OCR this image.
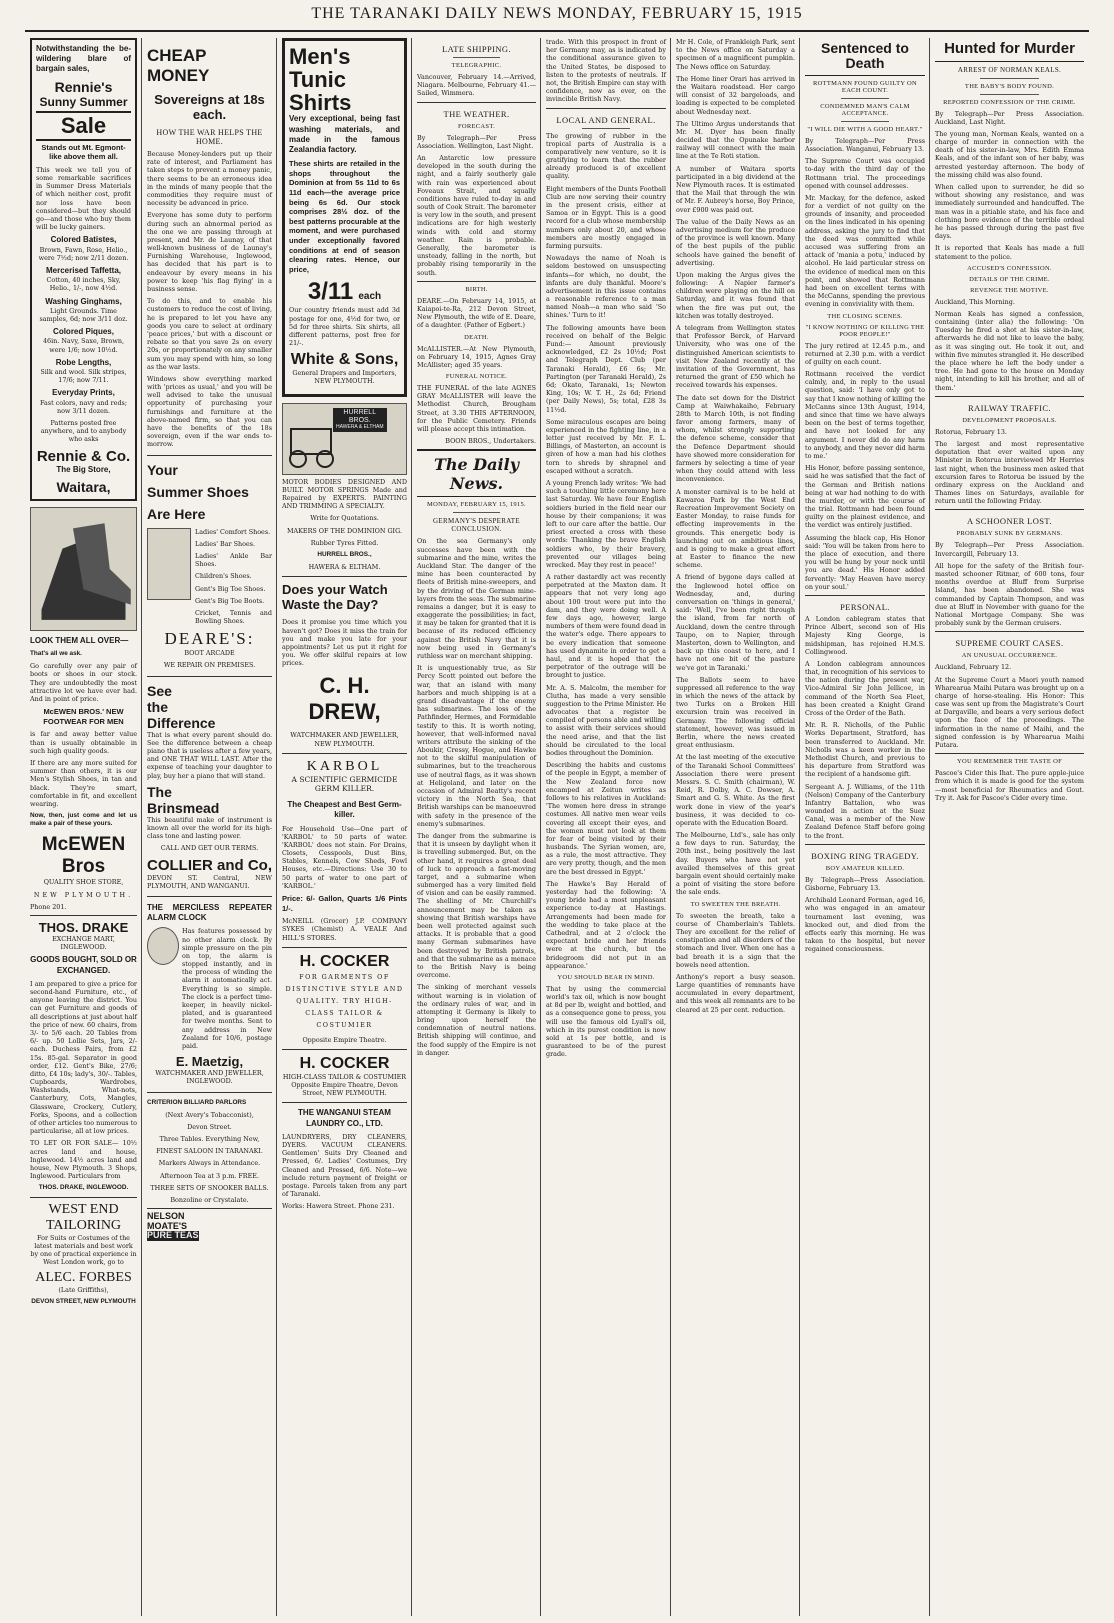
THE TARANAKI DAILY NEWS MONDAY, FEBRUARY 15, 1915
Notwithstanding the be-wildering blare of bargain sales,
Rennie's
Sunny Summer
Sale
Stands out Mt. Egmont-like above them all.
This week we tell you of some remarkable sacrifices in Summer Dress Materials of which neither cost, profit nor loss have been considered—but they should go—and those who buy them will be lucky gainers.
Colored Batistes,
Brown, Fawn, Rose, Helio., were 7½d; now 2/11 dozen.
Mercerised Taffetta,
Cotton, 40 inches, Sky, Helio., 1/-, now 4½d.
Washing Ginghams,
Light Grounds. Time samples, 6d; now 3/11 doz.
Colored Piques,
46in. Navy, Saxe, Brown, were 1/6; now 10½d.
Robe Lengths,
Silk and wool. Silk stripes, 17/6; now 7/11.
Everyday Prints,
Fast colors, navy and reds; now 3/11 dozen.
Patterns posted free anywhere, and to anybody who asks
Rennie & Co.
The Big Store,
Waitara,
LOOK THEM ALL OVER—
That's all we ask.
Go carefully over any pair of boots or shoes in our stock. They are undoubtedly the most attractive lot we have ever had. And in point of price.
McEWEN BROS.' NEW FOOTWEAR FOR MEN
is far and away better value than is usually obtainable in such high quality goods.
If there are any more suited for summer than others, it is our Men's Stylish Shoes, in tan and black. They're smart, comfortable in fit, and excellent wearing.
Now, then, just come and let us make a pair of these yours.
McEWEN Bros
QUALITY SHOE STORE,
NEW PLYMOUTH.
Phone 201.
THOS. DRAKE
EXCHANGE MART, INGLEWOOD.
GOODS BOUGHT, SOLD OR EXCHANGED.
I am prepared to give a price for second-hand Furniture, etc., of anyone leaving the district. You can get Furniture and goods of all descriptions at just about half the price of new. 60 chairs, from 3/- to 5/6 each. 20 Tables from 6/- up. 50 Lollie Sets, Jars, 2/- each. Duchess Pairs, from £2 15s. 85-gal. Separator in good order, £12. Gent's Bike, 27/6; ditto, £4 10s; lady's, 30/-. Tables, Cupboards, Wardrobes, Washstands, What-nots, Canterbury, Cots, Mangles, Glassware, Crockery, Cutlery, Forks, Spoons, and a collection of other articles too numerous to particularise, all at low prices.
TO LET OR FOR SALE— 10½ acres land and house, Inglewood. 14½ acres land and house, New Plymouth. 3 Shops, Inglewood. Particulars from
THOS. DRAKE, INGLEWOOD.
WEST END
TAILORING
For Suits or Costumes of the latest materials and best work by one of practical experience in West London work, go to
ALEC. FORBES
(Late Griffiths),
DEVON STREET, NEW PLYMOUTH
CHEAP MONEY
Sovereigns at 18s each.
HOW THE WAR HELPS THE HOME.
Because Money-lenders put up their rate of interest, and Parliament has taken steps to prevent a money panic, there seems to be an erroneous idea in the minds of many people that the commodities they require must of necessity be advanced in price.
Everyone has some duty to perform during such an abnormal period as the one we are passing through at present, and Mr. de Launay, of that well-known business of de Launay's Furnishing Warehouse, Inglewood, has decided that his part is to endeavour by every means in his power to keep 'his flag flying' in a business sense.
To do this, and to enable his customers to reduce the cost of living, he is prepared to let you have any goods you care to select at ordinary 'peace prices,' but with a discount or rebate so that you save 2s on every 20s, or proportionately on any smaller sum you may spend with him, so long as the war lasts.
Windows show everything marked with 'prices as usual,' and you will be well advised to take the unusual opportunity of purchasing your furnishings and furniture at the above-named firm, so that you can have the benefits of the 18s sovereign, even if the war ends to-morrow.
Your
Summer Shoes
Are Here
Ladies' Comfort Shoes.
Ladies' Bar Shoes.
Ladies' Ankle Bar Shoes.
Children's Shoes.
Gent's Big Toe Shoes.
Gent's Big Toe Boots.
Cricket, Tennis and Bowling Shoes.
DEARE'S:
BOOT ARCADE
WE REPAIR ON PREMISES.
See
the
Difference
That is what every parent should do. See the difference between a cheap piano that is useless after a few years, and ONE THAT WILL LAST. After the expense of teaching your daughter to play, buy her a piano that will stand.
The
Brinsmead
This beautiful make of instrument is known all over the world for its high-class tone and lasting power.
CALL AND GET OUR TERMS.
COLLIER and Co,
DEVON ST. Central, NEW PLYMOUTH, AND WANGANUI.
THE MERCILESS REPEATER ALARM CLOCK
Has features possessed by no other alarm clock. By simple pressure on the pin on top, the alarm is stopped instantly, and in the process of winding the alarm it automatically act. Everything is so simple. The clock is a perfect time-keeper, in heavily nickel-plated, and is guaranteed for twelve months. Sent to any address in New Zealand for 10/6, postage paid.
E. Maetzig,
WATCHMAKER AND JEWELLER, INGLEWOOD.
CRITERION BILLIARD PARLORS
(Next Avery's Tobacconist),
Devon Street.
Three Tables. Everything New,
FINEST SALOON IN TARANAKI.
Markers Always in Attendance.
Afternoon Tea at 3 p.m. FREE.
THREE SETS OF SNOOKER BALLS.
Bonzoline or Crystalate.
NELSON
MOATE'S
PURE TEAS
Men's
Tunic
Shirts
Very exceptional, being fast washing materials, and made in the famous Zealandia factory.
These shirts are retailed in the shops throughout the Dominion at from 5s 11d to 6s 11d each—the average price being 6s 6d. Our stock comprises 28½ doz. of the best patterns procurable at the moment, and were purchased under exceptionally favored conditions at end of season clearing rates. Hence, our price,
3/11 each
Our country friends must add 3d postage for one, 4½d for two, or 5d for three shirts. Six shirts, all different patterns, post free for 21/-.
White & Sons,
General Drapers and Importers, NEW PLYMOUTH.
HURRELL
BROS.
HAWERA & ELTHAM
MOTOR BODIES DESIGNED AND BUILT. MOTOR SPRINGS Made and Repaired by EXPERTS. PAINTING AND TRIMMING A SPECIALTY.
Write for Quotations.
MAKERS OF THE DOMINION GIG.
Rubber Tyres Fitted.
HURRELL BROS.,
HAWERA & ELTHAM.
Does your Watch Waste the Day?
Does it promise you time which you haven't got? Does it miss the train for you and make you late for your appointments? Let us put it right for you. We offer skilful repairs at low prices.
C. H. DREW,
WATCHMAKER AND JEWELLER, NEW PLYMOUTH.
KARBOL
A SCIENTIFIC GERMICIDE GERM KILLER.
The Cheapest and Best Germ-killer.
For Household Use—One part of 'KARBOL' to 50 parts of water. 'KARBOL' does not stain. For Drains, Closets, Cesspools, Dust Bins, Stables, Kennels, Cow Sheds, Fowl Houses, etc.—Directions: Use 30 to 50 parts of water to one part of 'KARBOL.'
Price: 6/- Gallon, Quarts 1/6 Pints 1/-.
McNEILL (Grocer) J.P. COMPANY SYKES (Chemist) A. VEALE And HILL'S STORES.
H. COCKER
FOR GARMENTS OF DISTINCTIVE STYLE AND QUALITY. TRY HIGH-CLASS TAILOR & COSTUMIER
Opposite Empire Theatre.
H. COCKER
HIGH-CLASS TAILOR & COSTUMIER Opposite Empire Theatre, Devon Street, NEW PLYMOUTH.
THE WANGANUI STEAM LAUNDRY CO., LTD.
LAUNDRYERS, DRY CLEANERS, DYERS. VACUUM CLEANERS. Gentlemen' Suits Dry Cleaned and Pressed, 6/. Ladies' Costumes, Dry Cleaned and Pressed, 6/6. Note—we include return payment of freight or postage. Parcels taken from any part of Taranaki.
Works: Hawera Street. Phone 231.
LATE SHIPPING.
TELEGRAPHIC.
Vancouver, February 14.—Arrived, Niagara. Melbourne, February 41.—Sailed, Wimmera.
THE WEATHER.
FORECAST.
By Telegraph—Per Press Association. Wellington, Last Night.
An Antarctic low pressure developed in the south during the night, and a fairly southerly gale with rain was experienced about Foveaux Strait, and squally conditions have ruled to-day in and south of Cook Strait. The barometer is very low in the south, and present indications are for high westerly winds with cold and stormy weather. Rain is probable. Generally, the barometer is unsteady, falling in the north, but probably rising temporarily in the south.
BIRTH.
DEARE.—On February 14, 1915, at Kaiapoi-te-Ra, 212 Devon Street, New Plymouth, the wife of E. Deare, of a daughter. (Father of Egbert.)
DEATH.
McALLISTER.—At New Plymouth, on February 14, 1915, Agnes Gray McAllister; aged 35 years.
FUNERAL NOTICE.
THE FUNERAL of the late AGNES GRAY McALLISTER will leave the Methodist Church, Brougham Street, at 3.30 THIS AFTERNOON, for the Public Cemetery. Friends will please accept this intimation.
BOON BROS., Undertakers.
The Daily News.
MONDAY, FEBRUARY 15, 1915.
GERMANY'S DESPERATE CONCLUSION.
On the sea Germany's only successes have been with the submarine and the mine, writes the Auckland Star. The danger of the mine has been counteracted by fleets of British mine-sweepers, and by the driving of the German mine-layers from the seas. The submarine remains a danger, but it is easy to exaggerate the possibilities; in fact, it may be taken for granted that it is because of its reduced efficiency against the British Navy that it is now being used in Germany's ruthless war on merchant shipping.
It is unquestionably true, as Sir Percy Scott pointed out before the war, that an island with many harbors and much shipping is at a grand disadvantage if the enemy has submarines. The loss of the Pathfinder, Hermes, and Formidable testify to this. It is worth noting, however, that well-informed naval writers attribute the sinking of the Aboukir, Cressy, Hogue, and Hawke not to the skilful manipulation of submarines, but to the treacherous use of neutral flags, as it was shown at Heligoland, and later on the occasion of Admiral Beatty's recent victory in the North Sea, that British warships can be manoeuvred with safety in the presence of the enemy's submarines.
The danger from the submarine is that it is unseen by daylight when it is travelling submerged. But, on the other hand, it requires a great deal of luck to approach a fast-moving target, and a submarine when submerged has a very limited field of vision and can be easily rammed. The shelling of Mr. Churchill's announcement may be taken as showing that British warships have been well protected against such attacks. It is probable that a good many German submarines have been destroyed by British patrols, and that the submarine as a menace to the British Navy is being overcome.
The sinking of merchant vessels without warning is in violation of the ordinary rules of war, and in attempting it Germany is likely to bring upon herself the condemnation of neutral nations. British shipping will continue, and the food supply of the Empire is not in danger.
trade. With this prospect in front of her Germany may, as is indicated by the conditional assurance given to the United States, be disposed to listen to the protests of neutrals. If not, the British Empire can stay with confidence, now as ever, on the invincible British Navy.
LOCAL AND GENERAL.
The growing of rubber in the tropical parts of Australia is a comparatively new venture, so it is gratifying to learn that the rubber already produced is of excellent quality.
Eight members of the Dunts Football Club are now serving their country in the present crisis, either at Samoa or in Egypt. This is a good record for a club whose membership numbers only about 20, and whose members are mostly engaged in farming pursuits.
Nowadays the name of Noah is seldom bestowed on unsuspecting infants—for which, no doubt, the infants are duly thankful. Moore's advertisement in this issue contains a reasonable reference to a man named Noah—a man who said 'So shines.' Turn to it!
The following amounts have been received on behalf of the Belgic Fund:— Amount previously acknowledged, £2 2s 10½d; Post and Telegraph Dept. Club (per Taranaki Herald), £6 6s; Mr. Partington (per Taranaki Herald), 2s 6d; Okato, Taranaki, 1s; Newton King, 10s; W. T. H., 2s 6d; Friend (per Daily News), 5s; total, £28 3s 11½d.
Some miraculous escapes are being experienced in the fighting line, in a letter just received by Mr. F. L. Billings, of Masterton, an account is given of how a man had his clothes torn to shreds by shrapnel and escaped without a scratch.
A young French lady writes: 'We had such a touching little ceremony here last Saturday. We have four English soldiers buried in the field near our house by their companions; it was left to our care after the battle. Our priest erected a cross with these words: Thanking the brave English soldiers who, by their bravery, prevented our villages being wrecked. May they rest in peace!'
A rather dastardly act was recently perpetrated at the Maxton dam. It appears that not very long ago about 100 trout were put into the dam, and they were doing well. A few days ago, however, large numbers of them were found dead in the water's edge. There appears to be every indication that someone has used dynamite in order to get a haul, and it is hoped that the perpetrator of the outrage will be brought to justice.
Mr. A. S. Malcolm, the member for Clutha, has made a very sensible suggestion to the Prime Minister. He advocates that a register be compiled of persons able and willing to assist with their services should the need arise, and that the list should be circulated to the local bodies throughout the Dominion.
Describing the habits and customs of the people in Egypt, a member of the New Zealand force now encamped at Zeitun writes as follows to his relatives in Auckland: 'The women here dress in strange costumes. All native men wear veils covering all except their eyes, and the women must not look at them for fear of being visited by their husbands. The Syrian women, are, as a rule, the most attractive. They are very pretty, though, and the men are the best dressed in Egypt.'
The Hawke's Bay Herald of yesterday had the following: 'A young bride had a most unpleasant experience to-day at Hastings. Arrangements had been made for the wedding to take place at the Cathedral, and at 2 o'clock the expectant bride and her friends were at the church, but the bridegroom did not put in an appearance.'
YOU SHOULD BEAR IN MIND.
That by using the commercial world's tax oil, which is now bought at 8d per lb, weight and bottled, and as a consequence gone to press, you will use the famous old Lyall's oil, which in its purest condition is now sold at 1s per bottle, and is guaranteed to be of the purest grade.
Mr H. Cole, of Frankleigh Park, sent to the News office on Saturday a specimen of a magnificent pumpkin. The News office on Saturday.
The Home liner Orari has arrived in the Waitara roadstead. Her cargo will consist of 32 bargeloads, and loading is expected to be completed about Wednesday next.
The Ultimo Argus understands that Mr. M. Dyer has been finally decided that the Opunake harbor railway will connect with the main line at the Te Roti station.
A number of Waitara sports participated in a big dividend at the New Plymouth races. It is estimated that the Mail that through the win of Mr. F. Aubrey's horse, Boy Prince, over £900 was paid out.
The value of the Daily News as an advertising medium for the produce of the province is well known. Many of the best pupils of the public schools have gained the benefit of advertising.
Upon making the Argus gives the following: A Napier farmer's children were playing on the hill on Saturday, and it was found that when the fire was put out, the kitchen was totally destroyed.
A telegram from Wellington states that Professor Berck, of Harvard University, who was one of the distinguished American scientists to visit New Zealand recently at the invitation of the Government, has returned the grant of £50 which he received towards his expenses.
The date set down for the District Camp at Waiwhakaiho, February 28th to March 10th, is not finding favor among farmers, many of whom, whilst strongly supporting the defence scheme, consider that the Defence Department should have showed more consideration for farmers by selecting a time of year when they could attend with less inconvenience.
A monster carnival is to be held at Kawaroa Park by the West End Recreation Improvement Society on Easter Monday, to raise funds for effecting improvements in the grounds. This energetic body is launching out on ambitious lines, and is going to make a great effort at Easter to finance the new scheme.
A friend of bygone days called at the Inglewood hotel office on Wednesday, and, during conversation on 'things in general,' said: 'Well, I've been right through the island, from far north of Auckland, down the centre through Taupo, on to Napier, through Masterton, down to Wellington, and back up this coast to here, and I have not one bit of the pasture we've got in Taranaki.'
The Ballots seem to have suppressed all reference to the way in which the news of the attack by two Turks on a Broken Hill excursion train was received in Germany. The following official statement, however, was issued in Berlin, where the news created great enthusiasm.
At the last meeting of the executive of the Taranaki School Committees' Association there were present Messrs. S. C. Smith (chairman), W. Reid, R. Dolby, A. C. Dowser, A. Smart and G. S. White. As the first work done in view of the year's business, it was decided to co-operate with the Education Board.
The Melbourne, Ltd's., sale has only a few days to run. Saturday, the 20th inst., being positively the last day. Buyers who have not yet availed themselves of this great bargain event should certainly make a point of visiting the store before the sale ends.
TO SWEETEN THE BREATH.
To sweeten the breath, take a course of Chamberlain's Tablets. They are excellent for the relief of constipation and all disorders of the stomach and liver. When one has a bad breath it is a sign that the bowels need attention.
Anthony's report a busy season. Large quantities of remnants have accumulated in every department, and this week all remnants are to be cleared at 25 per cent. reduction.
Sentenced to Death
ROTTMANN FOUND GUILTY ON EACH COUNT.
CONDEMNED MAN'S CALM ACCEPTANCE.
"I WILL DIE WITH A GOOD HEART."
By Telegraph—Per Press Association. Wanganui, February 13.
The Supreme Court was occupied to-day with the third day of the Rottmann trial. The proceedings opened with counsel addresses.
Mr. Mackay, for the defence, asked for a verdict of not guilty on the grounds of insanity, and proceeded on the lines indicated in his opening address, asking the jury to find that the deed was committed while accused was suffering from an attack of 'mania a potu,' induced by alcohol. He laid particular stress on the evidence of medical men on this point, and showed that Rottmann had been on excellent terms with the McCanns, spending the previous evening in conviviality with them.
THE CLOSING SCENES.
"I KNOW NOTHING OF KILLING THE POOR PEOPLE!"
The jury retired at 12.45 p.m., and returned at 2.30 p.m. with a verdict of guilty on each count.
Rottmann received the verdict calmly, and, in reply to the usual question, said: 'I have only got to say that I know nothing of killing the McCanns since 13th August, 1914, and since that time we have always been on the best of terms together, and have not looked for any argument. I never did do any harm to anybody, and they never did harm to me.'
His Honor, before passing sentence, said he was satisfied that the fact of the German and British nations being at war had nothing to do with the murder, or with the course of the trial. Rottmann had been found guilty on the plainest evidence, and the verdict was entirely justified.
Assuming the black cap, His Honor said: 'You will be taken from here to the place of execution, and there you will be hung by your neck until you are dead.' His Honor added fervently: 'May Heaven have mercy on your soul.'
PERSONAL.
A London cablegram states that Prince Albert, second son of His Majesty King George, is midshipman, has rejoined H.M.S. Collingwood.
A London cablegram announces that, in recognition of his services to the nation during the present war, Vice-Admiral Sir John Jellicoe, in command of the North Sea Fleet, has been created a Knight Grand Cross of the Order of the Bath.
Mr. R. R. Nicholls, of the Public Works Department, Stratford, has been transferred to Auckland. Mr. Nicholls was a keen worker in the Methodist Church, and previous to his departure from Stratford was the recipient of a handsome gift.
Sergeant A. J. Williams, of the 11th (Nelson) Company of the Canterbury Infantry Battalion, who was wounded in action at the Suez Canal, was a member of the New Zealand Defence Staff before going to the front.
BOXING RING TRAGEDY.
BOY AMATEUR KILLED.
By Telegraph—Press Association. Gisborne, February 13.
Archibald Leonard Forman, aged 16, who was engaged in an amateur tournament last evening, was knocked out, and died from the effects early this morning. He was taken to the hospital, but never regained consciousness.
Hunted for Murder
ARREST OF NORMAN KEALS.
THE BABY'S BODY FOUND.
REPORTED CONFESSION OF THE CRIME.
By Telegraph—Per Press Association. Auckland, Last Night.
The young man, Norman Keals, wanted on a charge of murder in connection with the death of his sister-in-law, Mrs. Edith Emma Keals, and of the infant son of her baby, was arrested yesterday afternoon. The body of the missing child was also found.
When called upon to surrender, he did so without showing any resistance, and was immediately surrounded and handcuffed. The man was in a pitiable state, and his face and clothing bore evidence of the terrible ordeal he has passed through during the past five days.
It is reported that Keals has made a full statement to the police.
ACCUSED'S CONFESSION.
DETAILS OF THE CRIME.
REVENGE THE MOTIVE.
Auckland, This Morning.
Norman Keals has signed a confession, containing (inter alia) the following: 'On Tuesday he fired a shot at his sister-in-law, afterwards he did not like to leave the baby, as it was singing out. He took it out, and within five minutes strangled it. He described the place where he left the body under a tree. He had gone to the house on Monday night, intending to kill his brother, and all of them.'
RAILWAY TRAFFIC.
DEVELOPMENT PROPOSALS.
Rotorua, February 13.
The largest and most representative deputation that ever waited upon any Minister in Rotorua interviewed Mr Herries last night, when the business men asked that excursion fares to Rotorua be issued by the ordinary express on the Auckland and Thames lines on Saturdays, available for return until the following Friday.
A SCHOONER LOST.
PROBABLY SUNK BY GERMANS.
By Telegraph—Per Press Association. Invercargill, February 13.
All hope for the safety of the British four-masted schooner Ritmar, of 600 tons, four months overdue at Bluff from Surprise Island, has been abandoned. She was commanded by Captain Thompson, and was due at Bluff in November with guano for the National Mortgage Company. She was probably sunk by the German cruisers.
SUPREME COURT CASES.
AN UNUSUAL OCCURRENCE.
Auckland, February 12.
At the Supreme Court a Maori youth named Wharearua Maihi Putara was brought up on a charge of horse-stealing. His Honor: This case was sent up from the Magistrate's Court at Dargaville, and bears a very serious defect upon the face of the proceedings. The information in the name of Maihi, and the signed confession is by Wharearua Maihi Putara.
YOU REMEMBER THE TASTE OF
Pascoe's Cider this Ihat. The pure apple-juice from which it is made is good for the system—most beneficial for Rheumatics and Gout. Try it. Ask for Pascoe's Cider every time.
